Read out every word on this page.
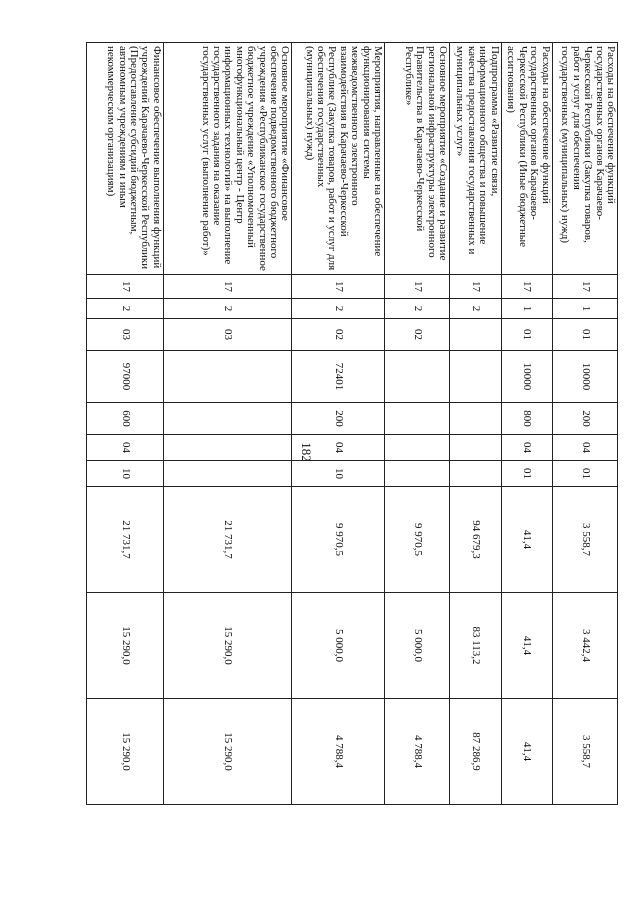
182
Расходы на обеспечение функций государственных органов Карачаево-Черкесской Республики (Закупка товаров, работ и услуг для обеспечения государственных (муниципальных) нужд)	17	1	01	10000	200	04	01	3 558,7	3 442,4	3 558,7
Расходы на обеспечение функций государственных органов Карачаево-Черкесской Республики (Иные бюджетные ассигнования)	17	1	01	10000	800	04	01	41,4	41,4	41,4
Подпрограмма «Развитие связи, информационного общества и повышение качества предоставления государственных и муниципальных услуг»	17	2						94 679,3	83 113,2	87 286,9
Основное мероприятие «Создание и развитие региональной инфраструктуры электронного Правительства в Карачаево-Черкесской Республике»	17	2	02					9 970,5	5 000,0	4 788,4
Мероприятия, направленные на обеспечение функционирования системы межведомственного электронного взаимодействия в Карачаево-Черкесской Республике (Закупка товаров, работ и услуг для обеспечения государственных (муниципальных) нужд)	17	2	02	72401	200	04	10	9 970,5	5 000,0	4 788,4
Основное мероприятие «Финансовое обеспечение подведомственного бюджетного учреждения «Республиканское государственное бюджетное учреждение «Уполномоченный многофункциональный центр - Центр информационных технологий» на выполнение государственного задания на оказание государственных услуг (выполнение работ)»	17	2	03					21 731,7	15 290,0	15 290,0
Финансовое обеспечение выполнения функций учреждений Карачаево-Черкесской Республики (Предоставление субсидий бюджетным, автономным учреждениям и иным некоммерческим организациям)	17	2	03	97000	600	04	10	21 731,7	15 290,0	15 290,0
